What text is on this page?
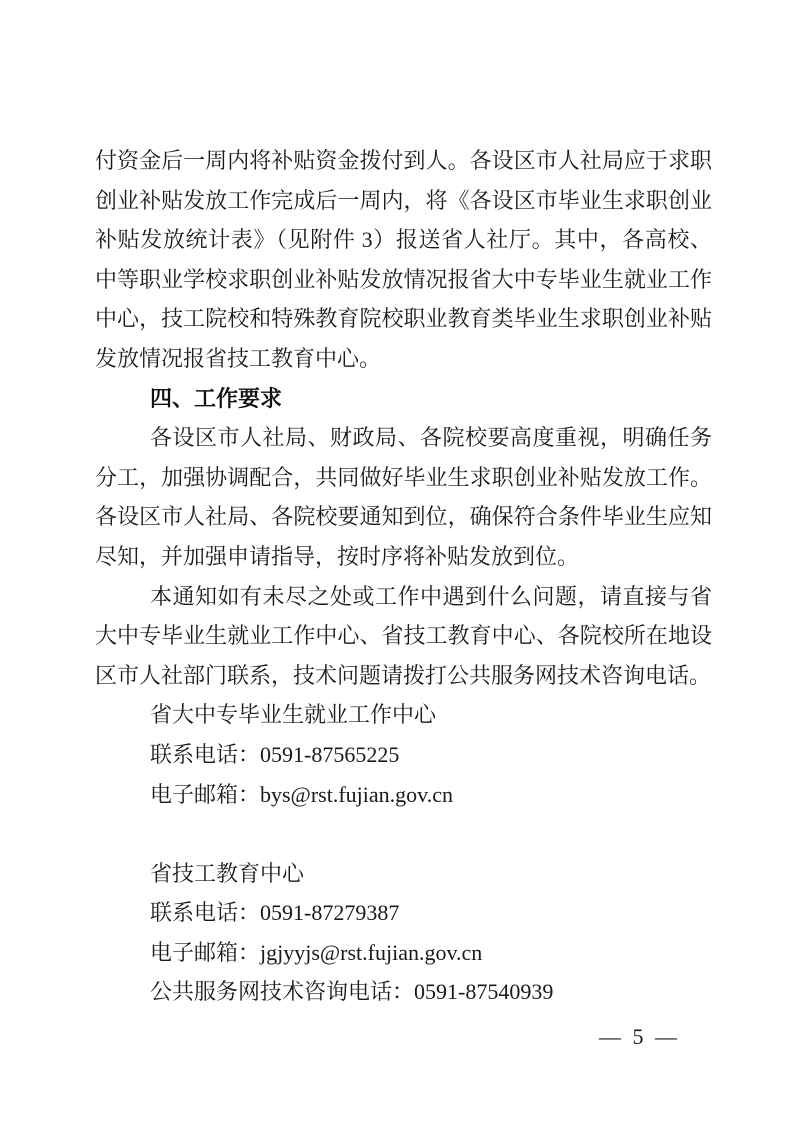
付资金后一周内将补贴资金拨付到人。各设区市人社局应于求职创业补贴发放工作完成后一周内，将《各设区市毕业生求职创业补贴发放统计表》（见附件 3）报送省人社厅。其中，各高校、中等职业学校求职创业补贴发放情况报省大中专毕业生就业工作中心，技工院校和特殊教育院校职业教育类毕业生求职创业补贴发放情况报省技工教育中心。

四、工作要求

各设区市人社局、财政局、各院校要高度重视，明确任务分工，加强协调配合，共同做好毕业生求职创业补贴发放工作。各设区市人社局、各院校要通知到位，确保符合条件毕业生应知尽知，并加强申请指导，按时序将补贴发放到位。

本通知如有未尽之处或工作中遇到什么问题，请直接与省大中专毕业生就业工作中心、省技工教育中心、各院校所在地设区市人社部门联系，技术问题请拨打公共服务网技术咨询电话。

省大中专毕业生就业工作中心
联系电话：0591-87565225
电子邮箱：bys@rst.fujian.gov.cn
省技工教育中心
联系电话：0591-87279387
电子邮箱：jgjyyjs@rst.fujian.gov.cn
公共服务网技术咨询电话：0591-87540939
— 5 —
